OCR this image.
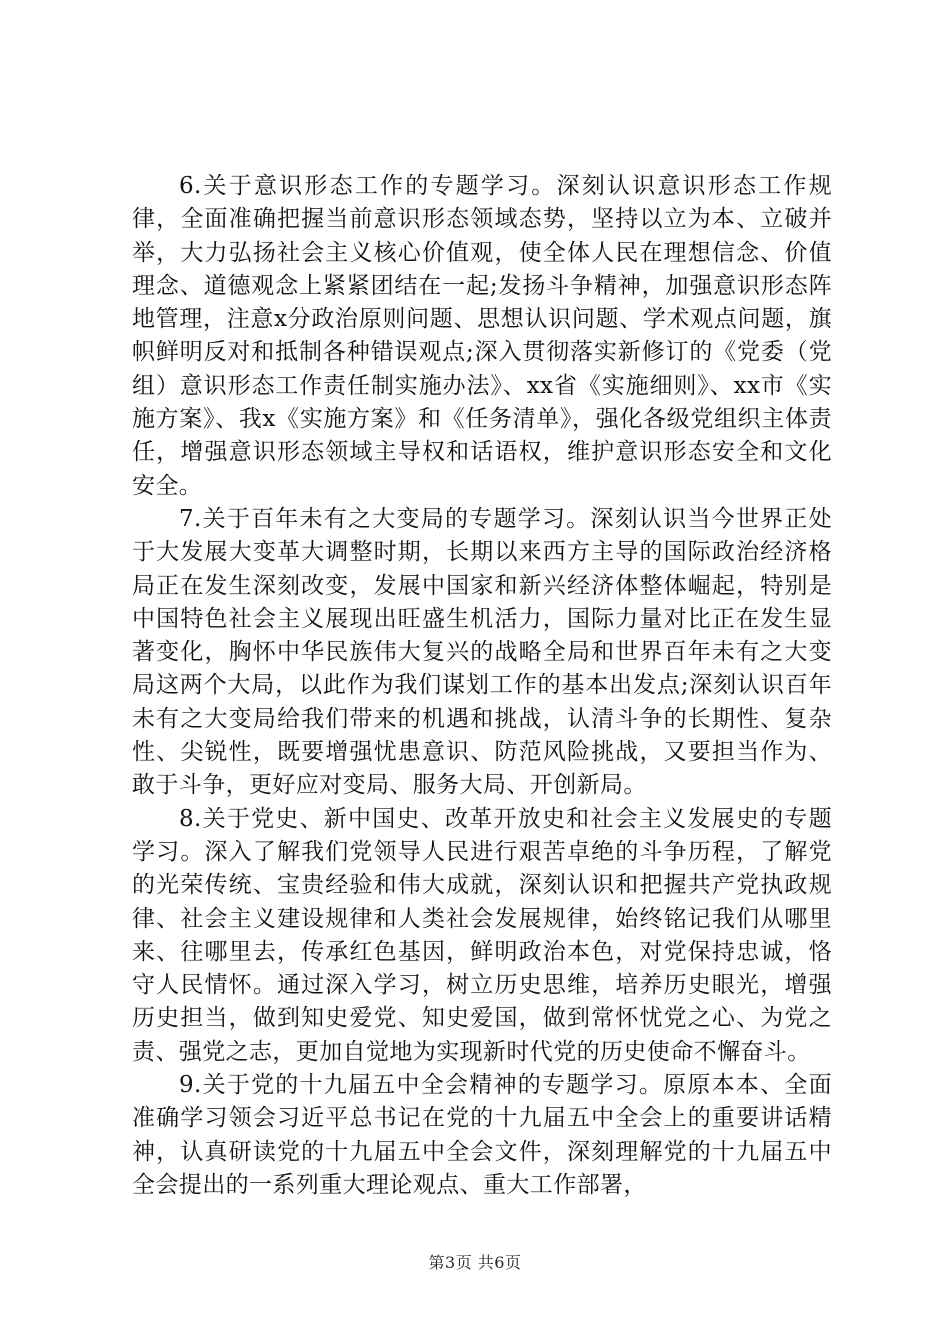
6.关于意识形态工作的专题学习。深刻认识意识形态工作规律，全面准确把握当前意识形态领域态势，坚持以立为本、立破并举，大力弘扬社会主义核心价值观，使全体人民在理想信念、价值理念、道德观念上紧紧团结在一起;发扬斗争精神，加强意识形态阵地管理，注意x分政治原则问题、思想认识问题、学术观点问题，旗帜鲜明反对和抵制各种错误观点;深入贯彻落实新修订的《党委（党组）意识形态工作责任制实施办法》、xx省《实施细则》、xx市《实施方案》、我x《实施方案》和《任务清单》，强化各级党组织主体责任，增强意识形态领域主导权和话语权，维护意识形态安全和文化安全。

7.关于百年未有之大变局的专题学习。深刻认识当今世界正处于大发展大变革大调整时期，长期以来西方主导的国际政治经济格局正在发生深刻改变，发展中国家和新兴经济体整体崛起，特别是中国特色社会主义展现出旺盛生机活力，国际力量对比正在发生显著变化，胸怀中华民族伟大复兴的战略全局和世界百年未有之大变局这两个大局，以此作为我们谋划工作的基本出发点;深刻认识百年未有之大变局给我们带来的机遇和挑战，认清斗争的长期性、复杂性、尖锐性，既要增强忧患意识、防范风险挑战，又要担当作为、敢于斗争，更好应对变局、服务大局、开创新局。

8.关于党史、新中国史、改革开放史和社会主义发展史的专题学习。深入了解我们党领导人民进行艰苦卓绝的斗争历程，了解党的光荣传统、宝贵经验和伟大成就，深刻认识和把握共产党执政规律、社会主义建设规律和人类社会发展规律，始终铭记我们从哪里来、往哪里去，传承红色基因，鲜明政治本色，对党保持忠诚，恪守人民情怀。通过深入学习，树立历史思维，培养历史眼光，增强历史担当，做到知史爱党、知史爱国，做到常怀忧党之心、为党之责、强党之志，更加自觉地为实现新时代党的历史使命不懈奋斗。

9.关于党的十九届五中全会精神的专题学习。原原本本、全面准确学习领会习近平总书记在党的十九届五中全会上的重要讲话精神，认真研读党的十九届五中全会文件，深刻理解党的十九届五中全会提出的一系列重大理论观点、重大工作部署，

第3页 共6页
